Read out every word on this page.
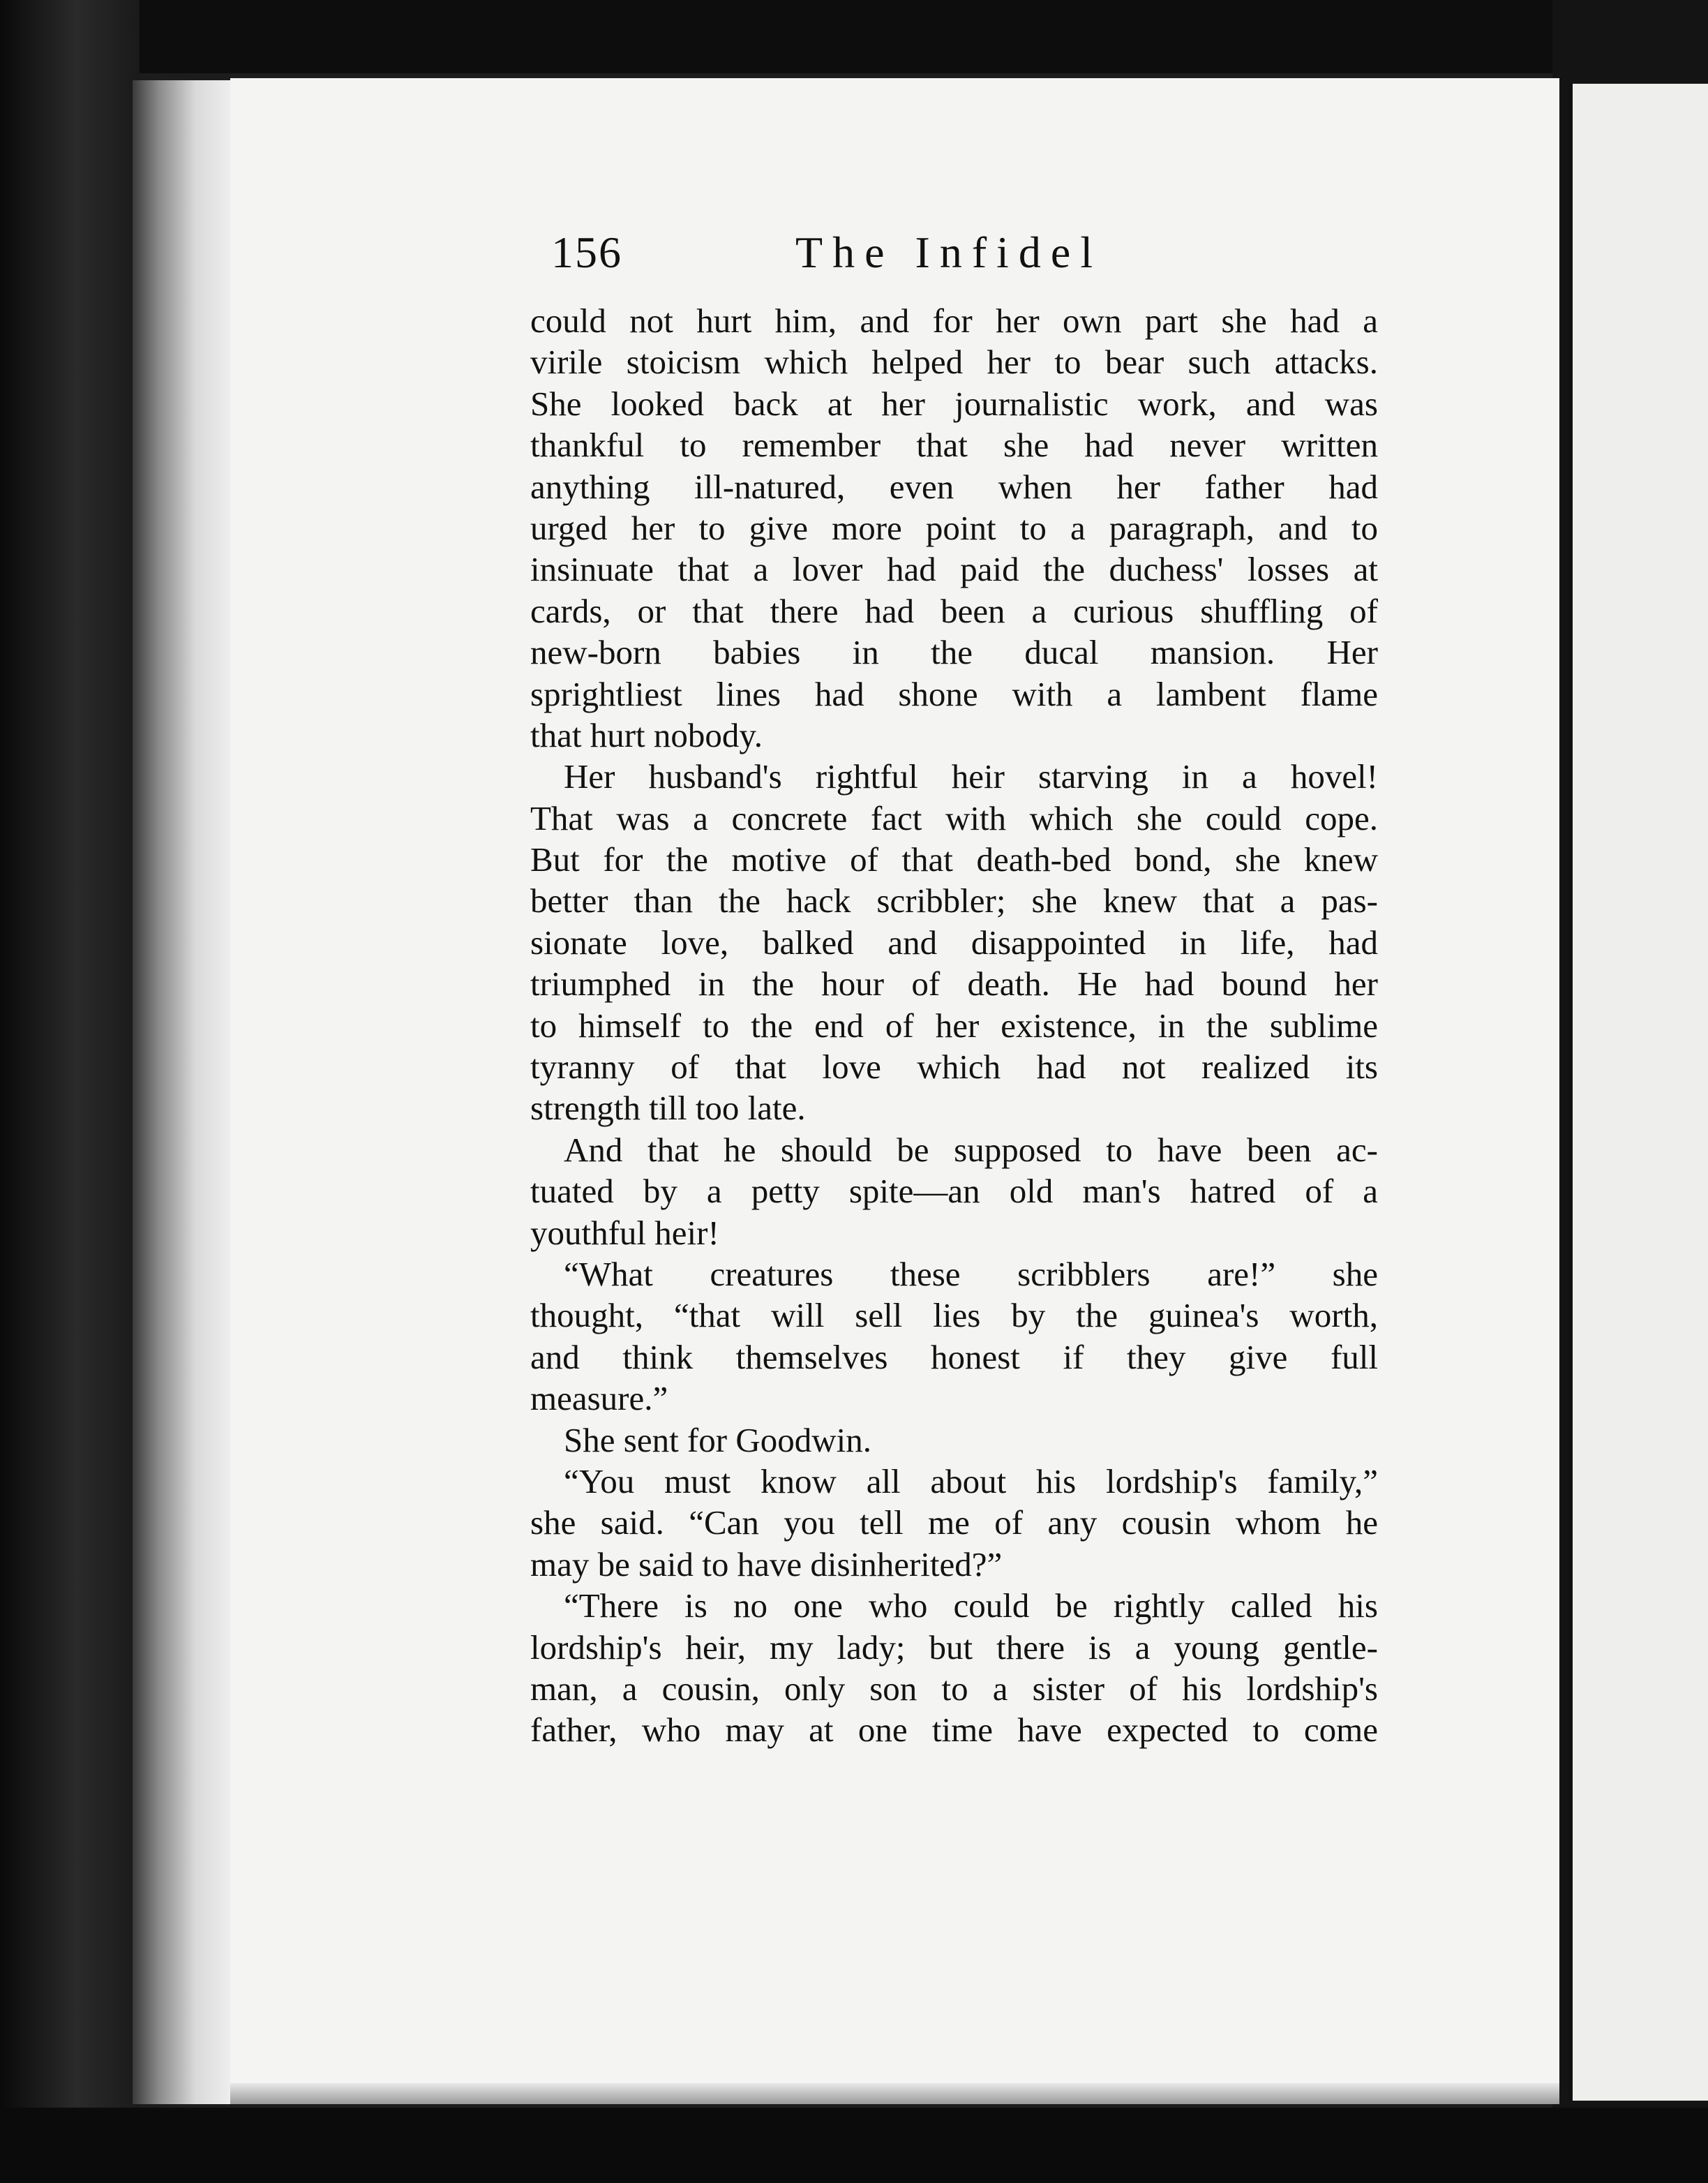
156	The Infidel
could not hurt him, and for her own part she had a
virile stoicism which helped her to bear such attacks.
She looked back at her journalistic work, and was
thankful to remember that she had never written
anything ill-natured, even when her father had
urged her to give more point to a paragraph, and to
insinuate that a lover had paid the duchess' losses at
cards, or that there had been a curious shuffling of
new-born babies in the ducal mansion. Her
sprightliest lines had shone with a lambent flame
that hurt nobody.
Her husband's rightful heir starving in a hovel!
That was a concrete fact with which she could cope.
But for the motive of that death-bed bond, she knew
better than the hack scribbler; she knew that a pas-
sionate love, balked and disappointed in life, had
triumphed in the hour of death. He had bound her
to himself to the end of her existence, in the sublime
tyranny of that love which had not realized its
strength till too late.
And that he should be supposed to have been ac-
tuated by a petty spite—an old man's hatred of a
youthful heir!
“What creatures these scribblers are!” she
thought, “that will sell lies by the guinea's worth,
and think themselves honest if they give full
measure.”
She sent for Goodwin.
“You must know all about his lordship's family,”
she said. “Can you tell me of any cousin whom he
may be said to have disinherited?”
“There is no one who could be rightly called his
lordship's heir, my lady; but there is a young gentle-
man, a cousin, only son to a sister of his lordship's
father, who may at one time have expected to come
